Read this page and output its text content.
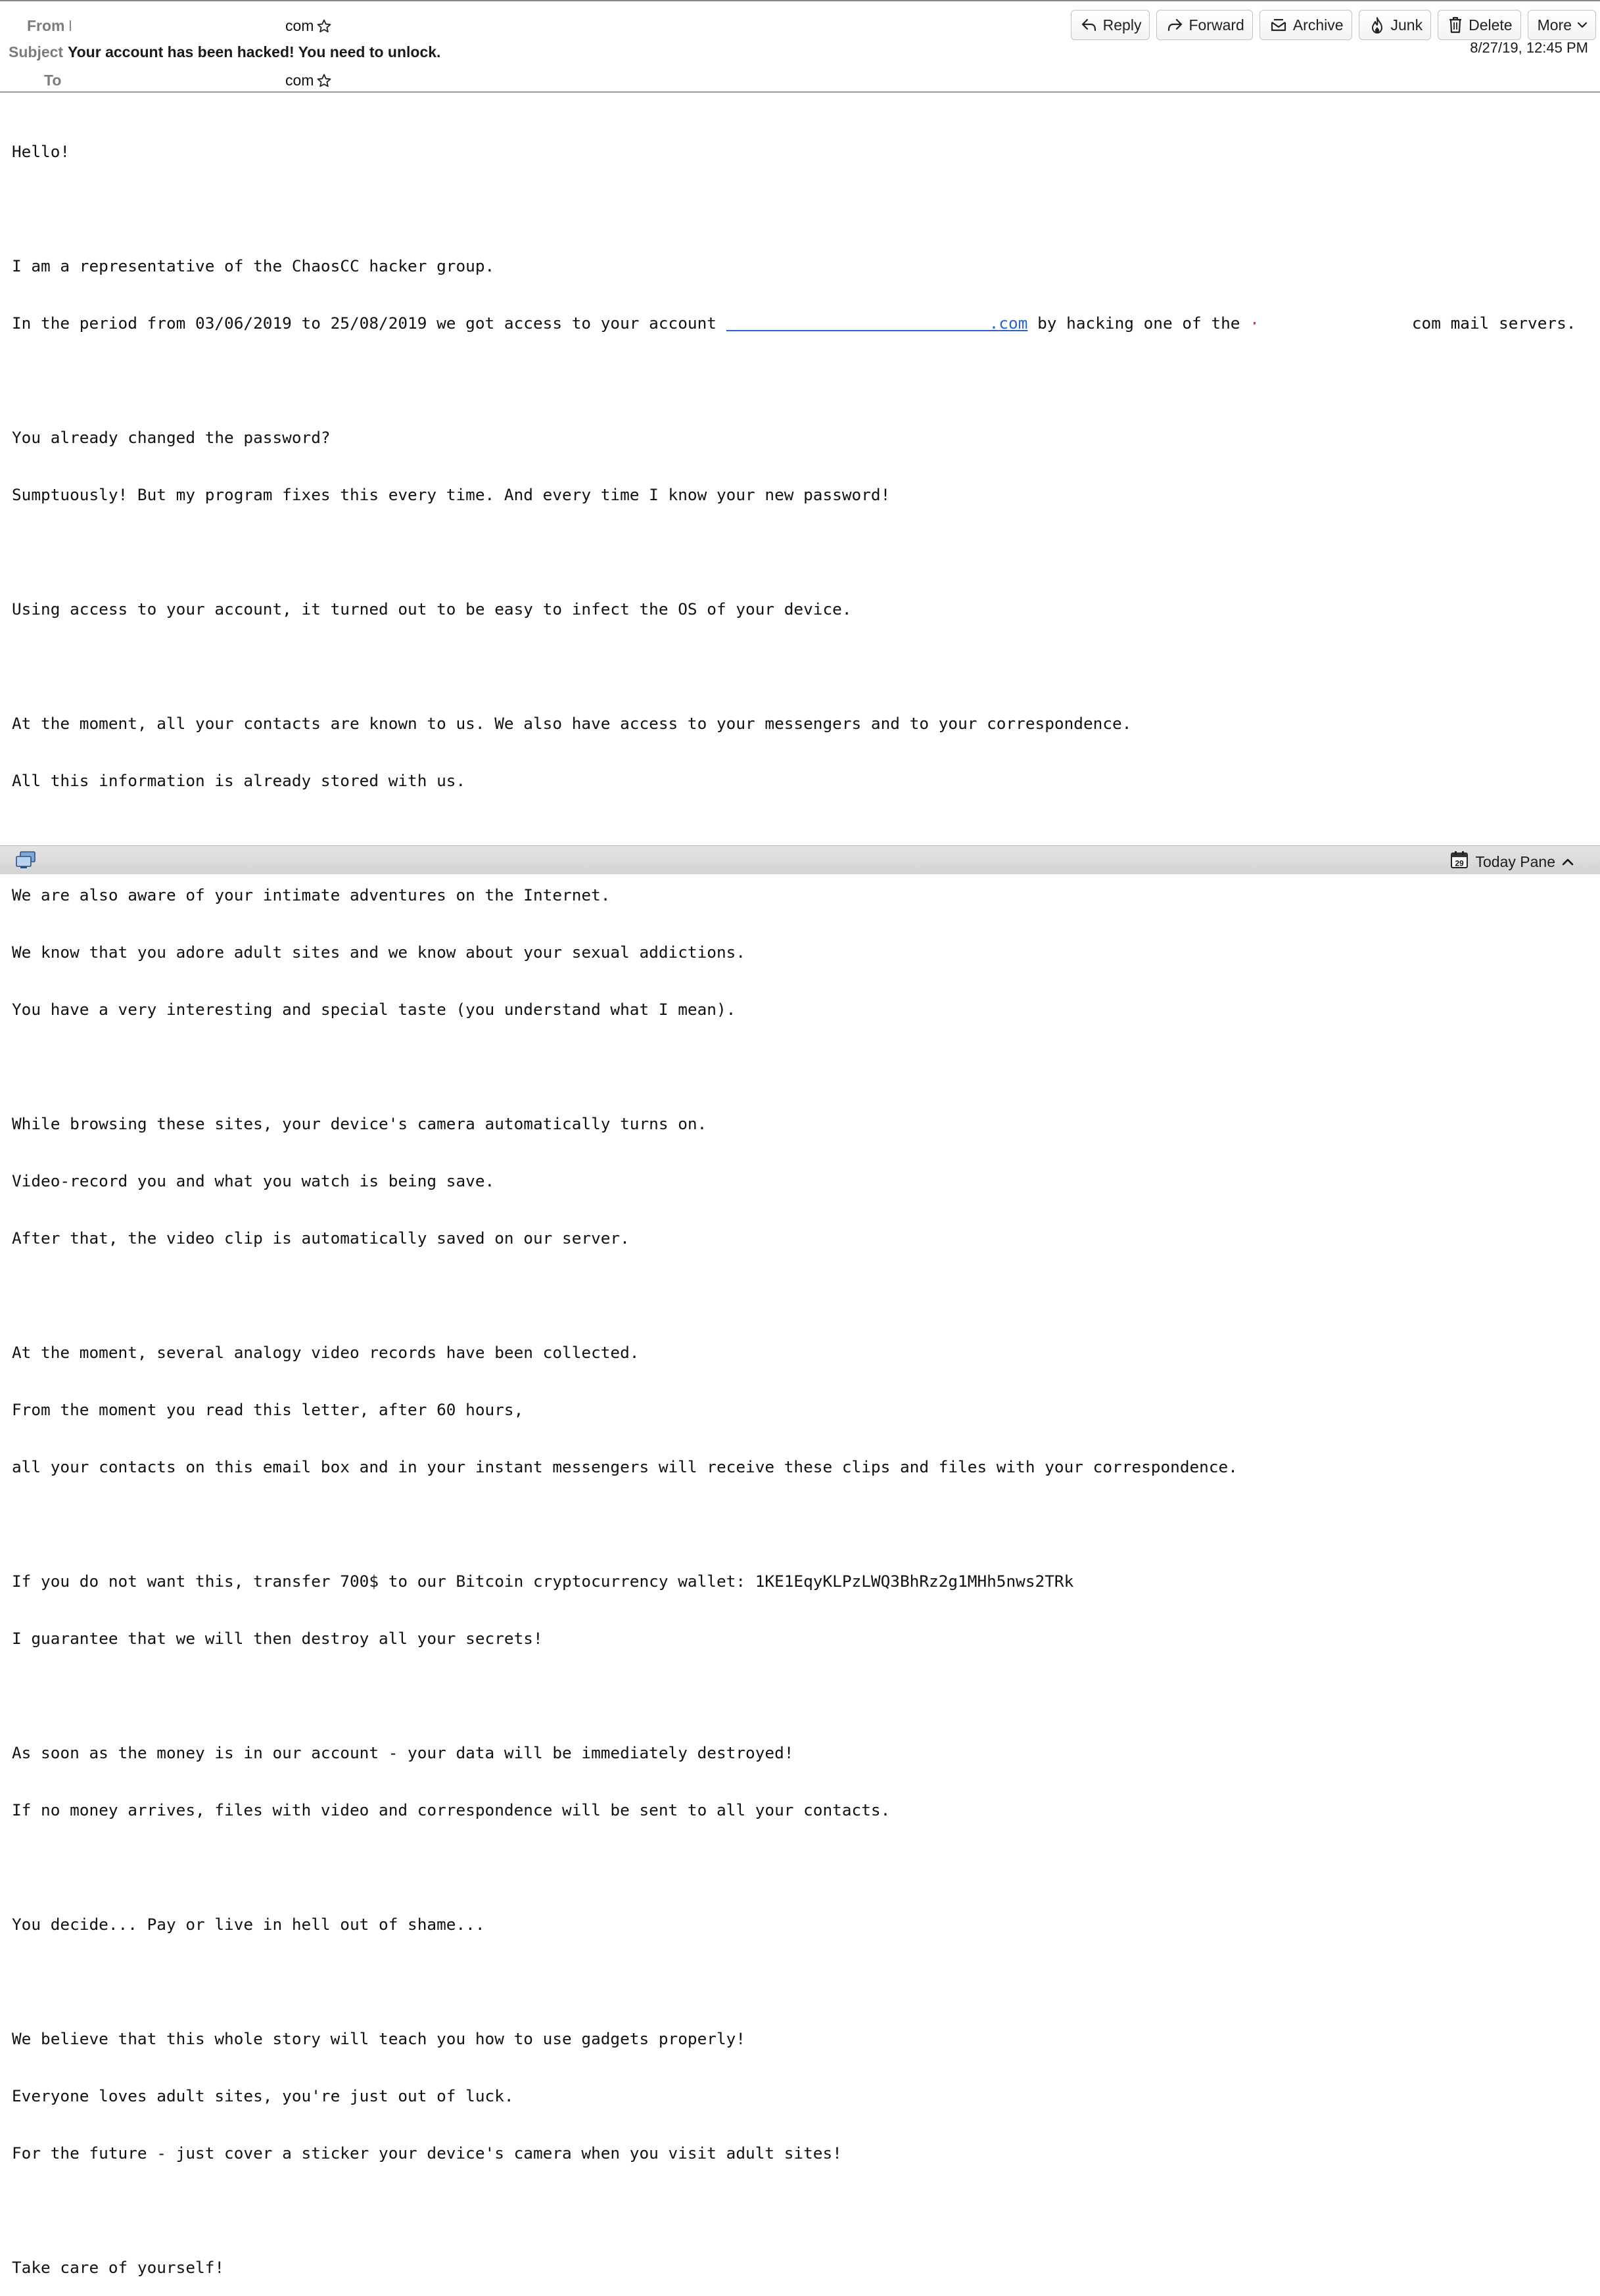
From	com
Subject Your account has been hacked! You need to unlock.
To	com
Reply	Forward	Archive	Junk	Delete More
8/27/19, 12:45 PM

Hello!

I am a representative of the ChaosCC hacker group.

In the period from 03/06/2019 to 25/08/2019 we got access to your account	.com by hacking one of the ·	com mail servers.

You already changed the password?

Sumptuously! But my program fixes this every time. And every time I know your new password!

Using access to your account, it turned out to be easy to infect the OS of your device.

At the moment, all your contacts are known to us. We also have access to your messengers and to your correspondence.

All this information is already stored with us.

We are also aware of your intimate adventures on the Internet.

We know that you adore adult sites and we know about your sexual addictions.

You have a very interesting and special taste (you understand what I mean).

While browsing these sites, your device's camera automatically turns on.

Video-record you and what you watch is being save.

After that, the video clip is automatically saved on our server.

At the moment, several analogy video records have been collected.

From the moment you read this letter, after 60 hours,

all your contacts on this email box and in your instant messengers will receive these clips and files with your correspondence.

If you do not want this, transfer 700$ to our Bitcoin cryptocurrency wallet: 1KE1EqyKLPzLWQ3BhRz2g1MHh5nws2TRk

I guarantee that we will then destroy all your secrets!

As soon as the money is in our account - your data will be immediately destroyed!

If no money arrives, files with video and correspondence will be sent to all your contacts.

You decide... Pay or live in hell out of shame...

We believe that this whole story will teach you how to use gadgets properly!

Everyone loves adult sites, you're just out of luck.

For the future - just cover a sticker your device's camera when you visit adult sites!

Take care of yourself!

29 Today Pane
